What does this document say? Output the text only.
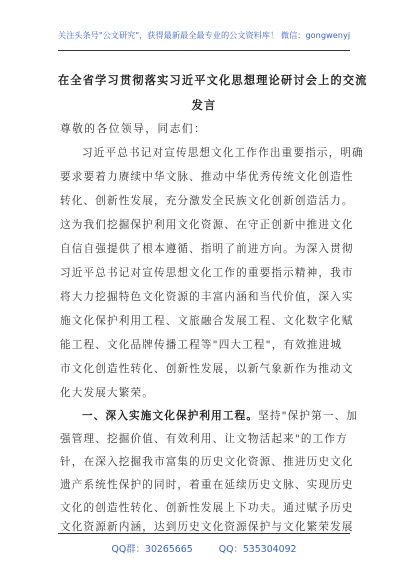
关注头条号"公文研究"，获得最新最全最专业的公文资料库！ 微信：gongwenyj
在全省学习贯彻落实习近平文化思想理论研讨会上的交流
发言
尊敬的各位领导，同志们：
习近平总书记对宣传思想文化工作作出重要指示，明确
要求要着力赓续中华文脉、推动中华优秀传统文化创造性
转化、创新性发展，充分激发全民族文化创新创造活力。
这为我们挖掘保护利用文化资源、在守正创新中推进文化
自信自强提供了根本遵循、指明了前进方向。为深入贯彻
习近平总书记对宣传思想文化工作的重要指示精神，我市
将大力挖掘特色文化资源的丰富内涵和当代价值，深入实
施文化保护利用工程、文旅融合发展工程、文化数字化赋
能工程、文化品牌传播工程等"四大工程"，有效推进城
市文化创造性转化、创新性发展，以新气象新作为推动文
化大发展大繁荣。
一、深入实施文化保护利用工程。坚持"保护第一、加
强管理、挖掘价值、有效利用、让文物活起来"的工作方
针，在深入挖掘我市富集的历史文化资源、推进历史文化
遗产系统性保护的同时，着重在延续历史文脉、实现历史
文化的创造性转化、创新性发展上下功夫。通过赋予历史
文化资源新内涵，达到历史文化资源保护与文化繁荣发展
QQ群：30265665	QQ：535304092
